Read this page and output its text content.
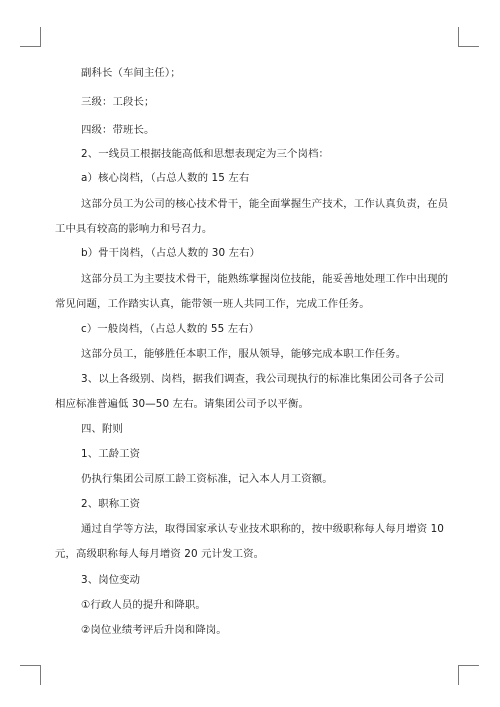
副科长（车间主任）；
三级：工段长；
四级：带班长。
2、一线员工根据技能高低和思想表现定为三个岗档：
a）核心岗档，（占总人数的 15 左右
这部分员工为公司的核心技术骨干，能全面掌握生产技术，工作认真负责，在员
工中具有较高的影响力和号召力。
b）骨干岗档，（占总人数的 30 左右）
这部分员工为主要技术骨干，能熟练掌握岗位技能，能妥善地处理工作中出现的
常见问题，工作踏实认真，能带领一班人共同工作，完成工作任务。
c）一般岗档，（占总人数的 55 左右）
这部分员工，能够胜任本职工作，服从领导，能够完成本职工作任务。
3、以上各级别、岗档，据我们调查，我公司现执行的标准比集团公司各子公司
相应标准普遍低 30—50 左右。请集团公司予以平衡。
四、附则
1、工龄工资
仍执行集团公司原工龄工资标准，记入本人月工资额。
2、职称工资
通过自学等方法，取得国家承认专业技术职称的，按中级职称每人每月增资 10
元，高级职称每人每月增资 20 元计发工资。
3、岗位变动
①行政人员的提升和降职。
②岗位业绩考评后升岗和降岗。
